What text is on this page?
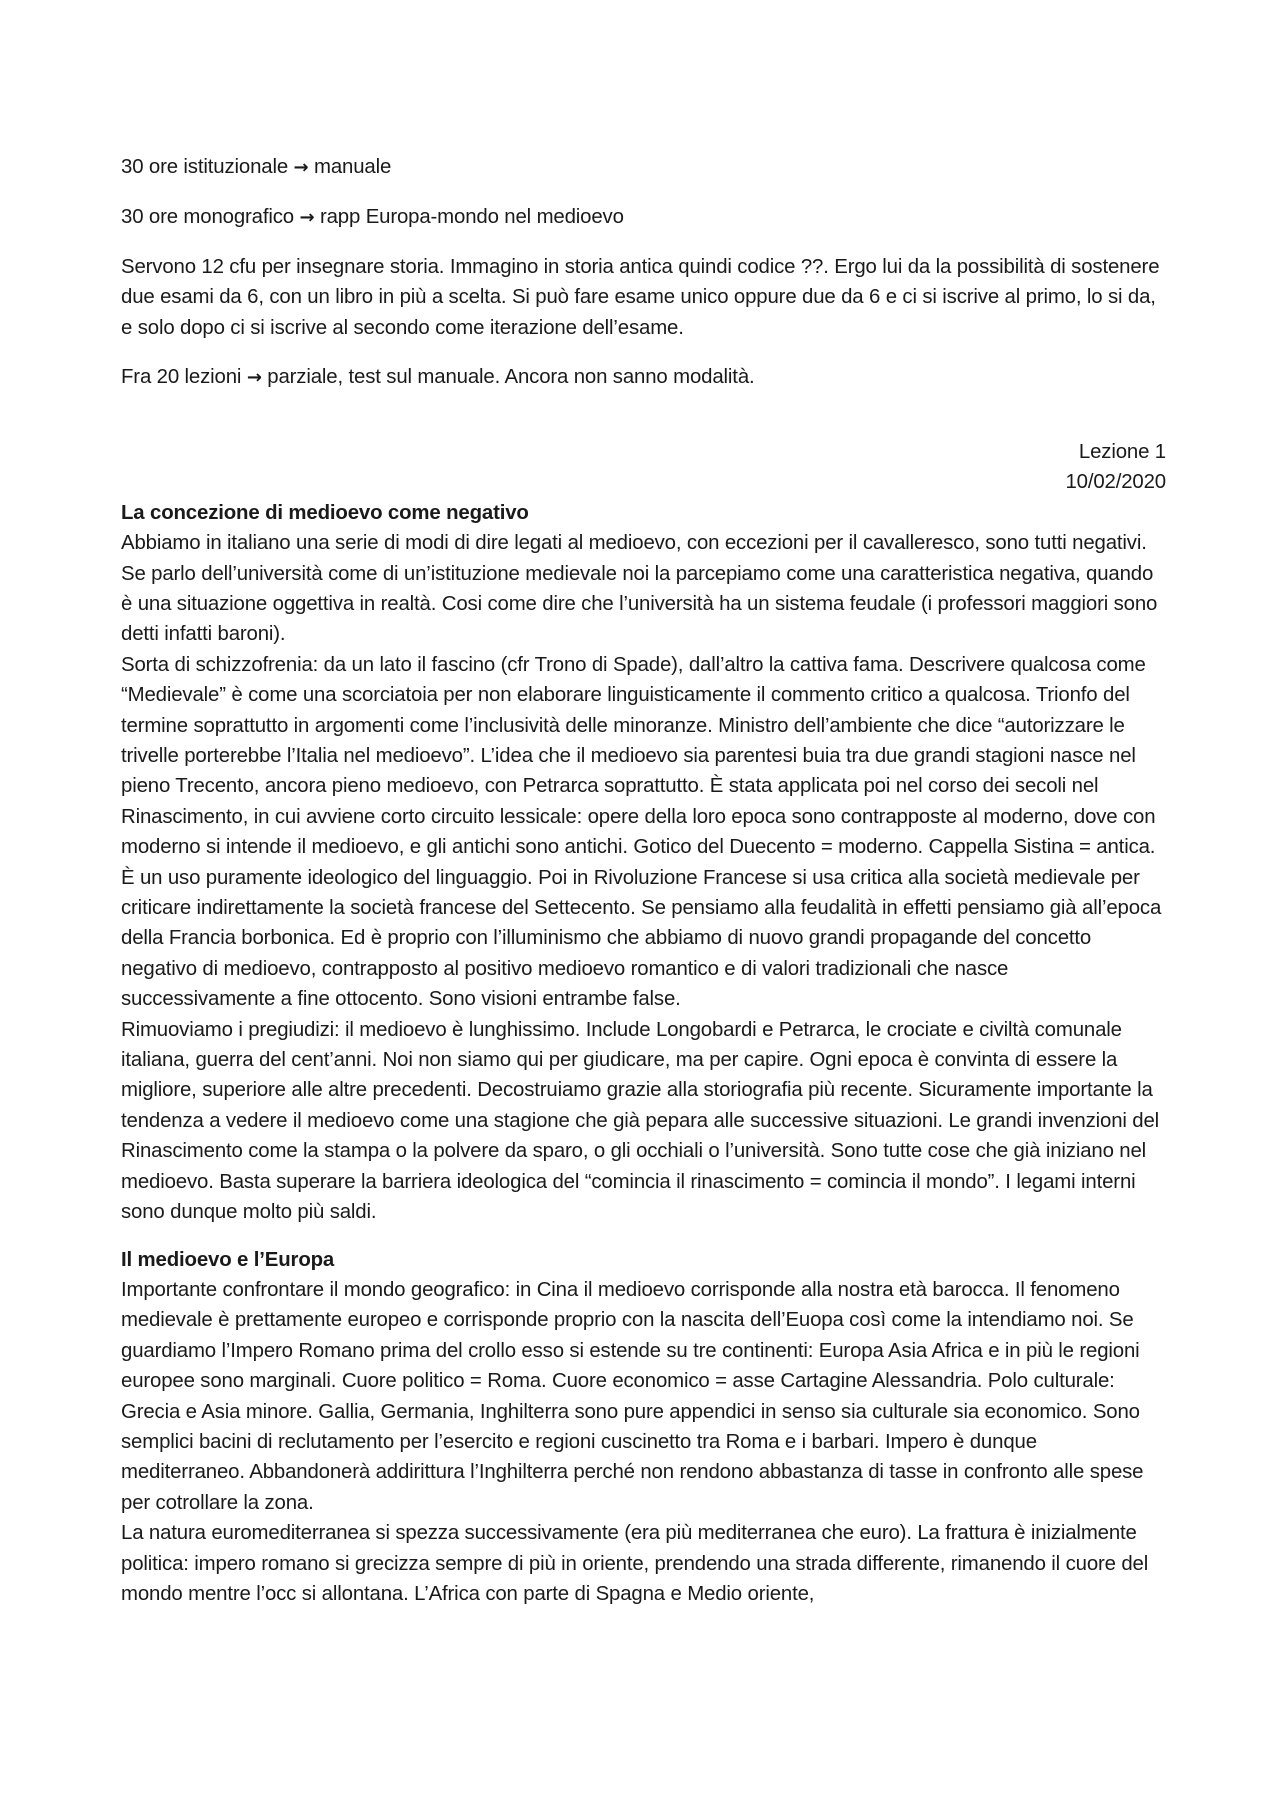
30 ore istituzionale → manuale

30 ore monografico → rapp Europa-mondo nel medioevo

Servono 12 cfu per insegnare storia. Immagino in storia antica quindi codice ??. Ergo lui da la possibilità di sostenere due esami da 6, con un libro in più a scelta. Si può fare esame unico oppure due da 6 e ci si iscrive al primo, lo si da, e solo dopo ci si iscrive al secondo come iterazione dell’esame.

Fra 20 lezioni → parziale, test sul manuale. Ancora non sanno modalità.

Lezione 1

10/02/2020

La concezione di medioevo come negativo

Abbiamo in italiano una serie di modi di dire legati al medioevo, con eccezioni per il cavalleresco, sono tutti negativi. Se parlo dell’università come di un’istituzione medievale noi la parcepiamo come una caratteristica negativa, quando è una situazione oggettiva in realtà. Cosi come dire che l’università ha un sistema feudale (i professori maggiori sono detti infatti baroni).

Sorta di schizzofrenia: da un lato il fascino (cfr Trono di Spade), dall’altro la cattiva fama. Descrivere qualcosa come “Medievale” è come una scorciatoia per non elaborare linguisticamente il commento critico a qualcosa. Trionfo del termine soprattutto in argomenti come l’inclusività delle minoranze. Ministro dell’ambiente che dice “autorizzare le trivelle porterebbe l’Italia nel medioevo”. L’idea che il medioevo sia parentesi buia tra due grandi stagioni nasce nel pieno Trecento, ancora pieno medioevo, con Petrarca soprattutto. È stata applicata poi nel corso dei secoli nel Rinascimento, in cui avviene corto circuito lessicale: opere della loro epoca sono contrapposte al moderno, dove con moderno si intende il medioevo, e gli antichi sono antichi. Gotico del Duecento = moderno. Cappella Sistina = antica. È un uso puramente ideologico del linguaggio. Poi in Rivoluzione Francese si usa critica alla società medievale per criticare indirettamente la società francese del Settecento. Se pensiamo alla feudalità in effetti pensiamo già all’epoca della Francia borbonica. Ed è proprio con l’illuminismo che abbiamo di nuovo grandi propagande del concetto negativo di medioevo, contrapposto al positivo medioevo romantico e di valori tradizionali che nasce successivamente a fine ottocento. Sono visioni entrambe false.

Rimuoviamo i pregiudizi: il medioevo è lunghissimo. Include Longobardi e Petrarca, le crociate e civiltà comunale italiana, guerra del cent’anni. Noi non siamo qui per giudicare, ma per capire. Ogni epoca è convinta di essere la migliore, superiore alle altre precedenti. Decostruiamo grazie alla storiografia più recente. Sicuramente importante la tendenza a vedere il medioevo come una stagione che già pepara alle successive situazioni. Le grandi invenzioni del Rinascimento come la stampa o la polvere da sparo, o gli occhiali o l’università. Sono tutte cose che già iniziano nel medioevo. Basta superare la barriera ideologica del “comincia il rinascimento = comincia il mondo”. I legami interni sono dunque molto più saldi.

Il medioevo e l’Europa

Importante confrontare il mondo geografico: in Cina il medioevo corrisponde alla nostra età barocca. Il fenomeno medievale è prettamente europeo e corrisponde proprio con la nascita dell’Euopa così come la intendiamo noi. Se guardiamo l’Impero Romano prima del crollo esso si estende su tre continenti: Europa Asia Africa e in più le regioni europee sono marginali. Cuore politico = Roma. Cuore economico = asse Cartagine Alessandria. Polo culturale: Grecia e Asia minore. Gallia, Germania, Inghilterra sono pure appendici in senso sia culturale sia economico. Sono semplici bacini di reclutamento per l’esercito e regioni cuscinetto tra Roma e i barbari. Impero è dunque mediterraneo. Abbandonerà addirittura l’Inghilterra perché non rendono abbastanza di tasse in confronto alle spese per cotrollare la zona.

La natura euromediterranea si spezza successivamente (era più mediterranea che euro). La frattura è inizialmente politica: impero romano si grecizza sempre di più in oriente, prendendo una strada differente, rimanendo il cuore del mondo mentre l’occ si allontana. L’Africa con parte di Spagna e Medio oriente,
